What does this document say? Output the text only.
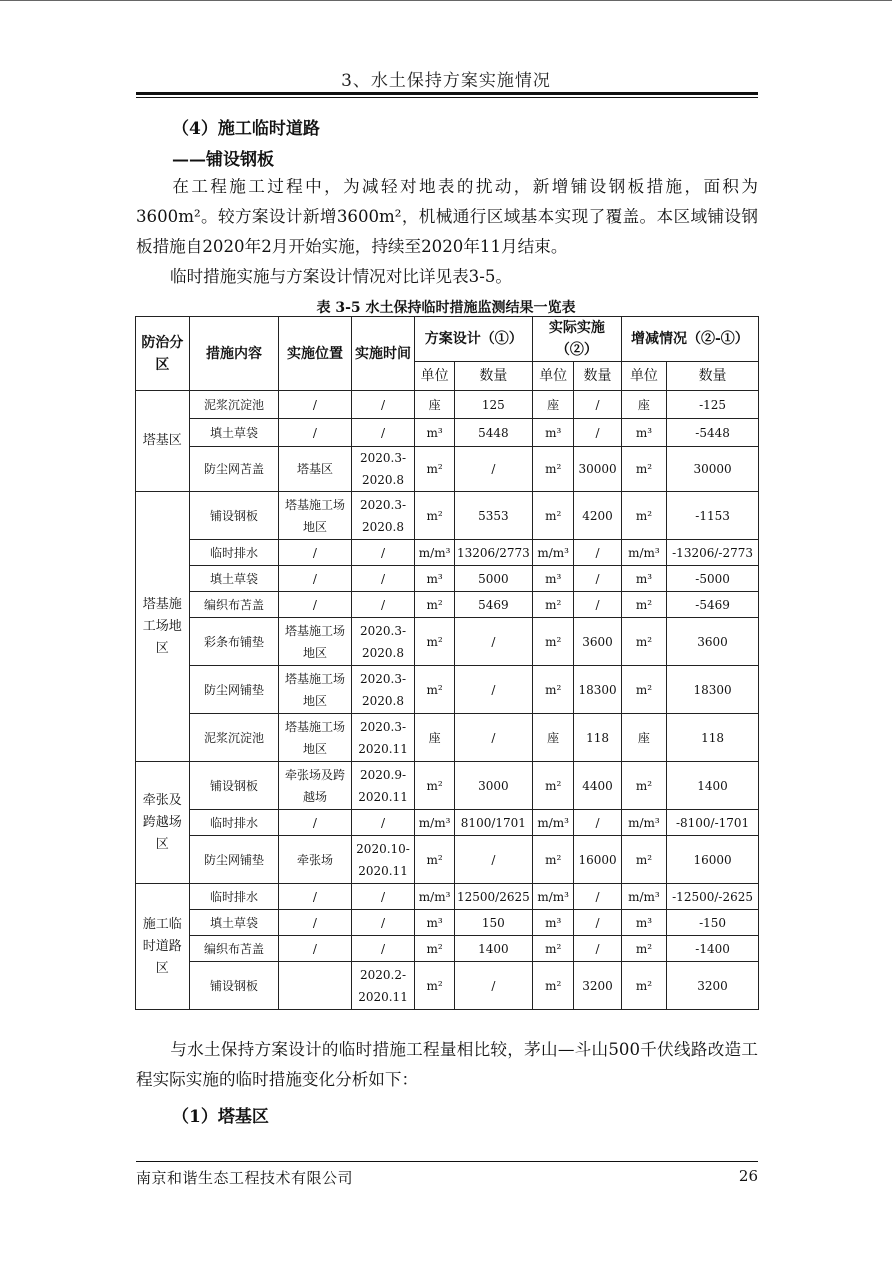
3、水土保持方案实施情况
（4）施工临时道路
——铺设钢板
在工程施工过程中，为减轻对地表的扰动，新增铺设钢板措施，面积为3600m²。较方案设计新增3600m²，机械通行区域基本实现了覆盖。本区域铺设钢板措施自2020年2月开始实施，持续至2020年11月结束。
临时措施实施与方案设计情况对比详见表3-5。
表 3-5 水土保持临时措施监测结果一览表
防治分区	措施内容	实施位置	实施时间	方案设计（①）		实际实施（②）		增减情况（②-①）	
				单位	数量	单位	数量	单位	数量
塔基区	泥浆沉淀池	/	/	座	125	座	/	座	-125
	填土草袋	/	/	m³	5448	m³	/	m³	-5448
	防尘网苫盖	塔基区	2020.3-2020.8	m²	/	m²	30000	m²	30000
塔基施工场地区	铺设钢板	塔基施工场地区	2020.3-2020.8	m²	5353	m²	4200	m²	-1153
	临时排水	/	/	m/m³	13206/2773	m/m³	/	m/m³	-13206/-2773
	填土草袋	/	/	m³	5000	m³	/	m³	-5000
	编织布苫盖	/	/	m²	5469	m²	/	m²	-5469
	彩条布铺垫	塔基施工场地区	2020.3-2020.8	m²	/	m²	3600	m²	3600
	防尘网铺垫	塔基施工场地区	2020.3-2020.8	m²	/	m²	18300	m²	18300
	泥浆沉淀池	塔基施工场地区	2020.3-2020.11	座	/	座	118	座	118
牵张及跨越场区	铺设钢板	牵张场及跨越场	2020.9-2020.11	m²	3000	m²	4400	m²	1400
	临时排水	/	/	m/m³	8100/1701	m/m³	/	m/m³	-8100/-1701
	防尘网铺垫	牵张场	2020.10-2020.11	m²	/	m²	16000	m²	16000
施工临时道路区	临时排水	/	/	m/m³	12500/2625	m/m³	/	m/m³	-12500/-2625
	填土草袋	/	/	m³	150	m³	/	m³	-150
	编织布苫盖	/	/	m²	1400	m²	/	m²	-1400
	铺设钢板		2020.2-2020.11	m²	/	m²	3200	m²	3200
与水土保持方案设计的临时措施工程量相比较，茅山—斗山500千伏线路改造工程实际实施的临时措施变化分析如下：
（1）塔基区
南京和谐生态工程技术有限公司	26
